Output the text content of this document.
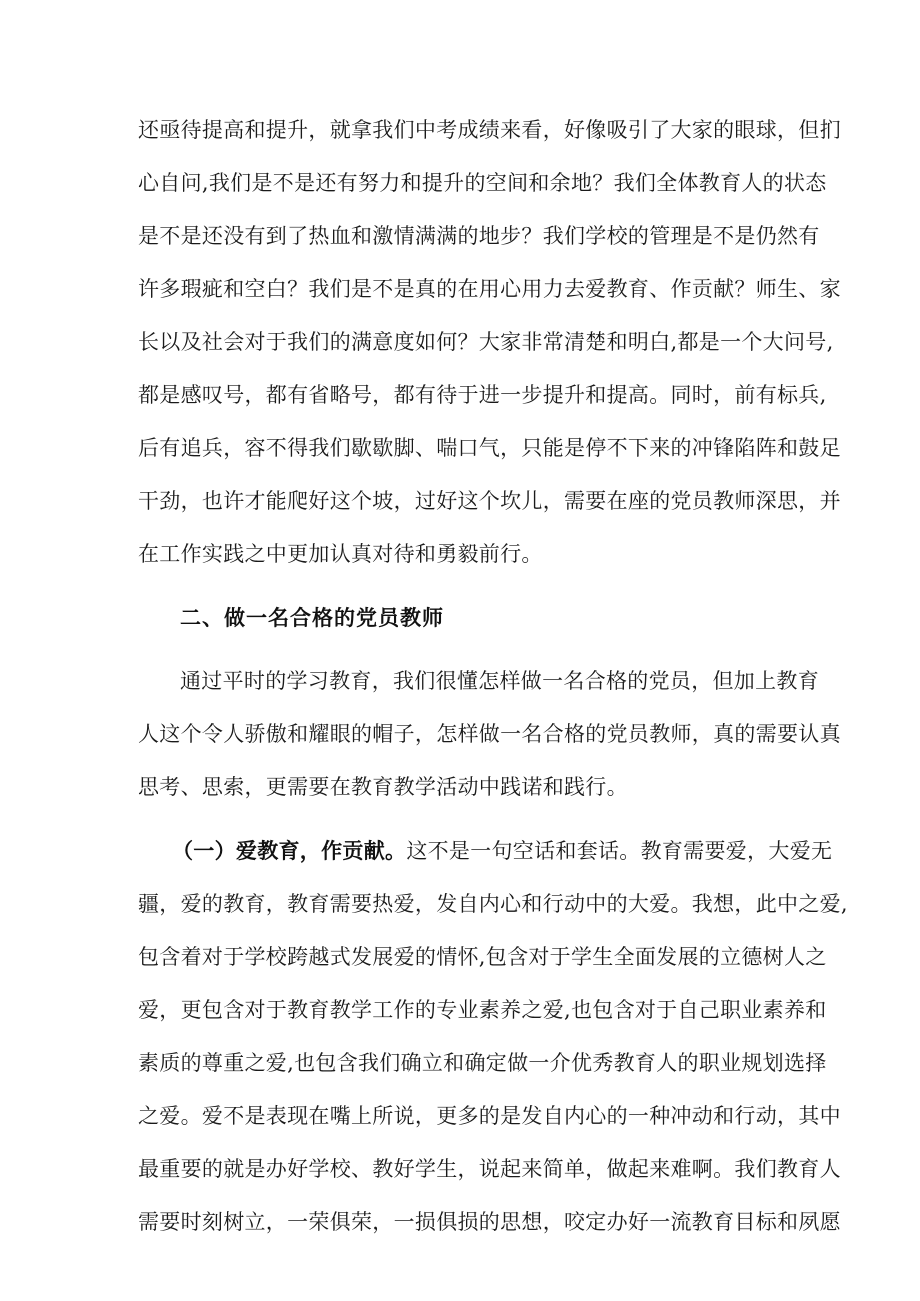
还亟待提高和提升，就拿我们中考成绩来看，好像吸引了大家的眼球，但扪
心自问,我们是不是还有努力和提升的空间和余地？我们全体教育人的状态
是不是还没有到了热血和激情满满的地步？我们学校的管理是不是仍然有
许多瑕疵和空白？我们是不是真的在用心用力去爱教育、作贡献？师生、家
长以及社会对于我们的满意度如何？大家非常清楚和明白,都是一个大问号,
都是感叹号，都有省略号，都有待于进一步提升和提高。同时，前有标兵,
后有追兵，容不得我们歇歇脚、喘口气，只能是停不下来的冲锋陷阵和鼓足
干劲，也许才能爬好这个坡，过好这个坎儿，需要在座的党员教师深思，并
在工作实践之中更加认真对待和勇毅前行。
二、做一名合格的党员教师
通过平时的学习教育，我们很懂怎样做一名合格的党员，但加上教育
人这个令人骄傲和耀眼的帽子，怎样做一名合格的党员教师，真的需要认真
思考、思索，更需要在教育教学活动中践诺和践行。
（一）爱教育，作贡献。这不是一句空话和套话。教育需要爱，大爱无
疆，爱的教育，教育需要热爱，发自内心和行动中的大爱。我想，此中之爱,
包含着对于学校跨越式发展爱的情怀,包含对于学生全面发展的立德树人之
爱，更包含对于教育教学工作的专业素养之爱,也包含对于自己职业素养和
素质的尊重之爱,也包含我们确立和确定做一介优秀教育人的职业规划选择
之爱。爱不是表现在嘴上所说，更多的是发自内心的一种冲动和行动，其中
最重要的就是办好学校、教好学生，说起来简单，做起来难啊。我们教育人
需要时刻树立，一荣俱荣，一损俱损的思想，咬定办好一流教育目标和夙愿
